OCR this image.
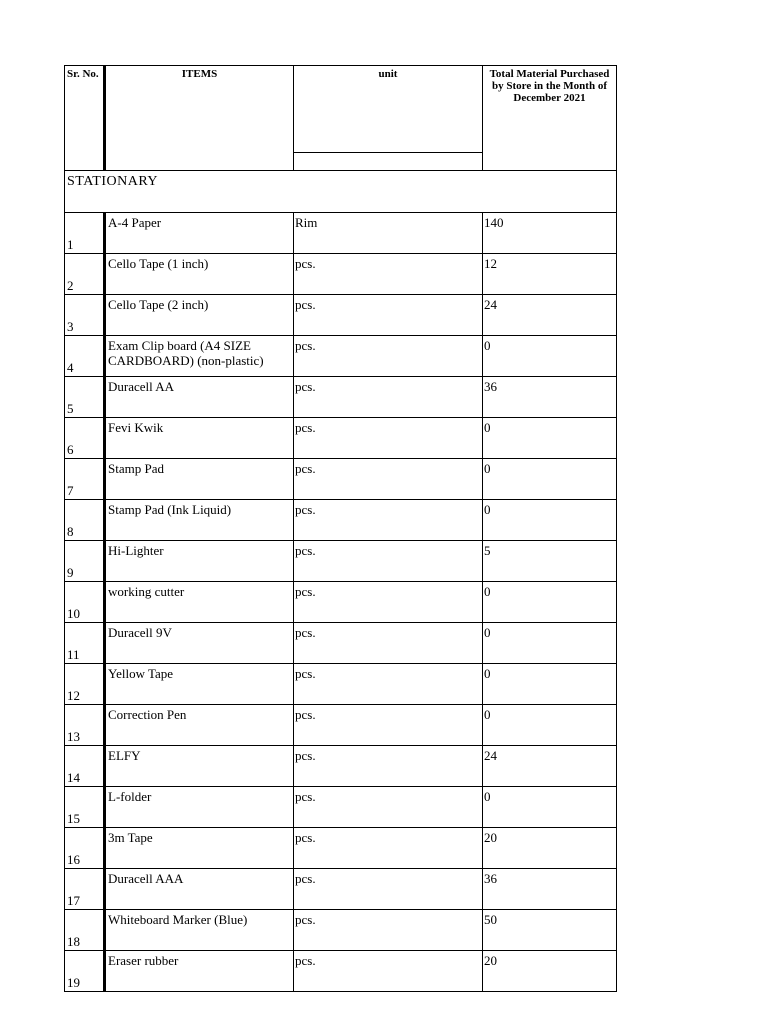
Sr. No.	ITEMS	unit	Total Material Purchased by Store in the Month of December 2021
STATIONARY			
1	A-4 Paper	Rim	140
2	Cello Tape (1 inch)	pcs.	12
3	Cello Tape (2 inch)	pcs.	24
4	Exam Clip board (A4 SIZE CARDBOARD) (non-plastic)	pcs.	0
5	Duracell AA	pcs.	36
6	Fevi Kwik	pcs.	0
7	Stamp Pad	pcs.	0
8	Stamp Pad (Ink Liquid)	pcs.	0
9	Hi-Lighter	pcs.	5
10	working cutter	pcs.	0
11	Duracell 9V	pcs.	0
12	Yellow Tape	pcs.	0
13	Correction Pen	pcs.	0
14	ELFY	pcs.	24
15	L-folder	pcs.	0
16	3m Tape	pcs.	20
17	Duracell AAA	pcs.	36
18	Whiteboard Marker (Blue)	pcs.	50
19	Eraser rubber	pcs.	20
